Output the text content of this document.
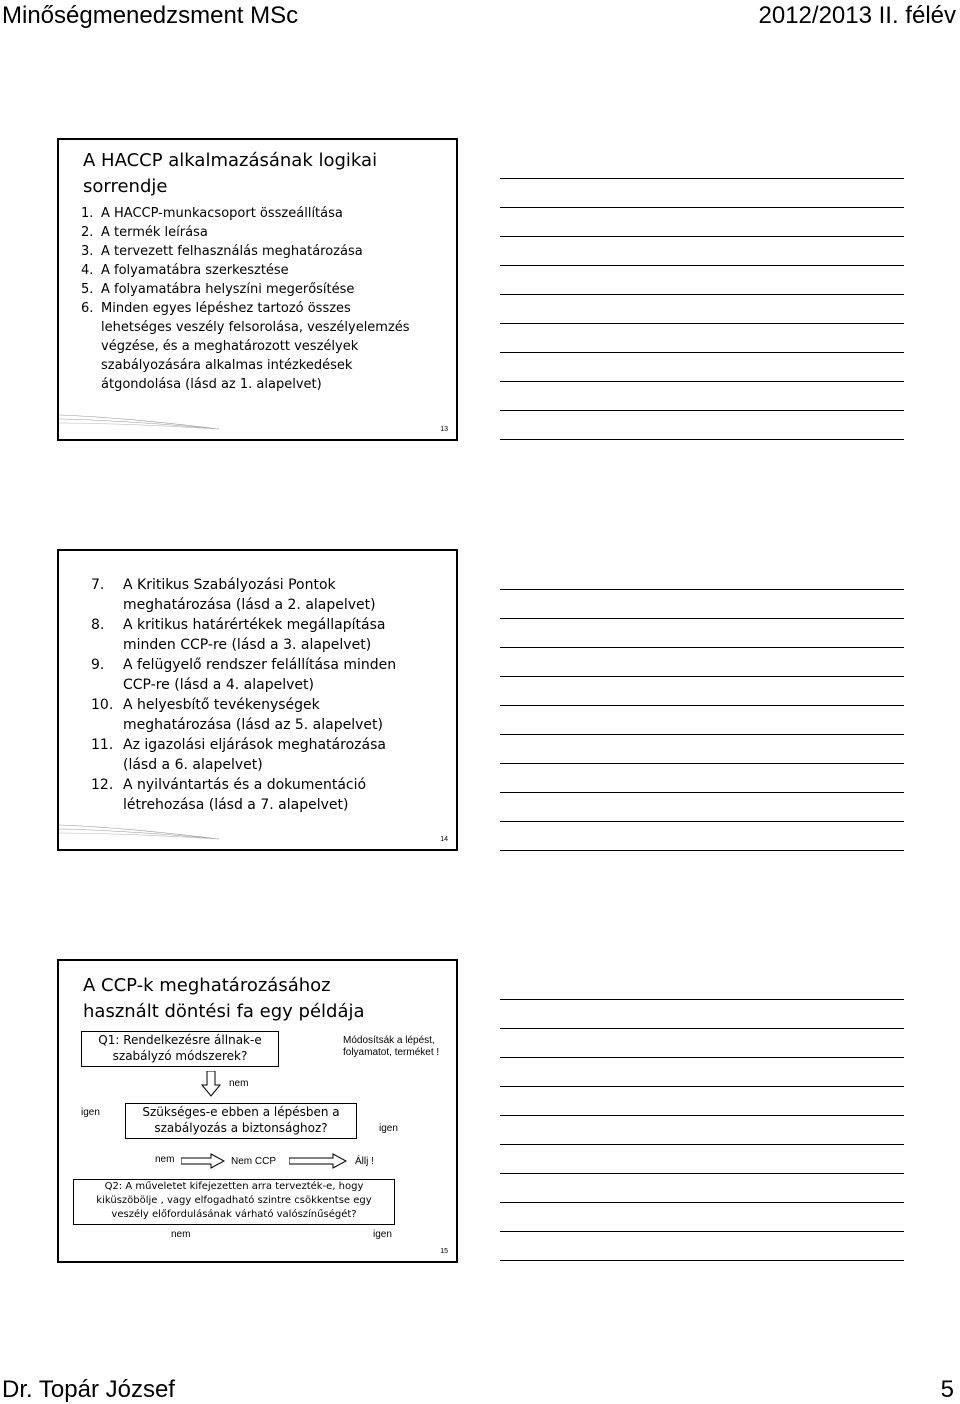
Minőségmenedzsment MSc	2012/2013 II. félév
Dr. Topár József	5
A HACCP alkalmazásának logikai
sorrendje
1. A HACCP-munkacsoport összeállítása
2. A termék leírása
3. A tervezett felhasználás meghatározása
4. A folyamatábra szerkesztése
5. A folyamatábra helyszíni megerősítése
6. Minden egyes lépéshez tartozó összes
lehetséges veszély felsorolása, veszélyelemzés
végzése, és a meghatározott veszélyek
szabályozására alkalmas intézkedések
átgondolása (lásd az 1. alapelvet)
13
7.	A Kritikus Szabályozási Pontok
meghatározása (lásd a 2. alapelvet)
8.	A kritikus határértékek megállapítása
minden CCP-re (lásd a 3. alapelvet)
9.	A felügyelő rendszer felállítása minden
CCP-re (lásd a 4. alapelvet)
10. A helyesbítő tevékenységek
meghatározása (lásd az 5. alapelvet)
11. Az igazolási eljárások meghatározása
(lásd a 6. alapelvet)
12. A nyilvántartás és a dokumentáció
létrehozása (lásd a 7. alapelvet)
14
A CCP-k meghatározásához
használt döntési fa egy példája
Q1: Rendelkezésre állnak-e
szabályzó módszerek?
Módosítsák a lépést,
folyamatot, terméket !
nem
igen	Szükséges-e ebben a lépésben a
szabályozás a biztonsághoz?	igen
nem	Nem CCP	Állj !
Q2: A műveletet kifejezetten arra tervezték-e, hogy
kiküszöbölje , vagy elfogadható szintre csökkentse egy
veszély előfordulásának várható valószínűségét?
nem	igen
15
